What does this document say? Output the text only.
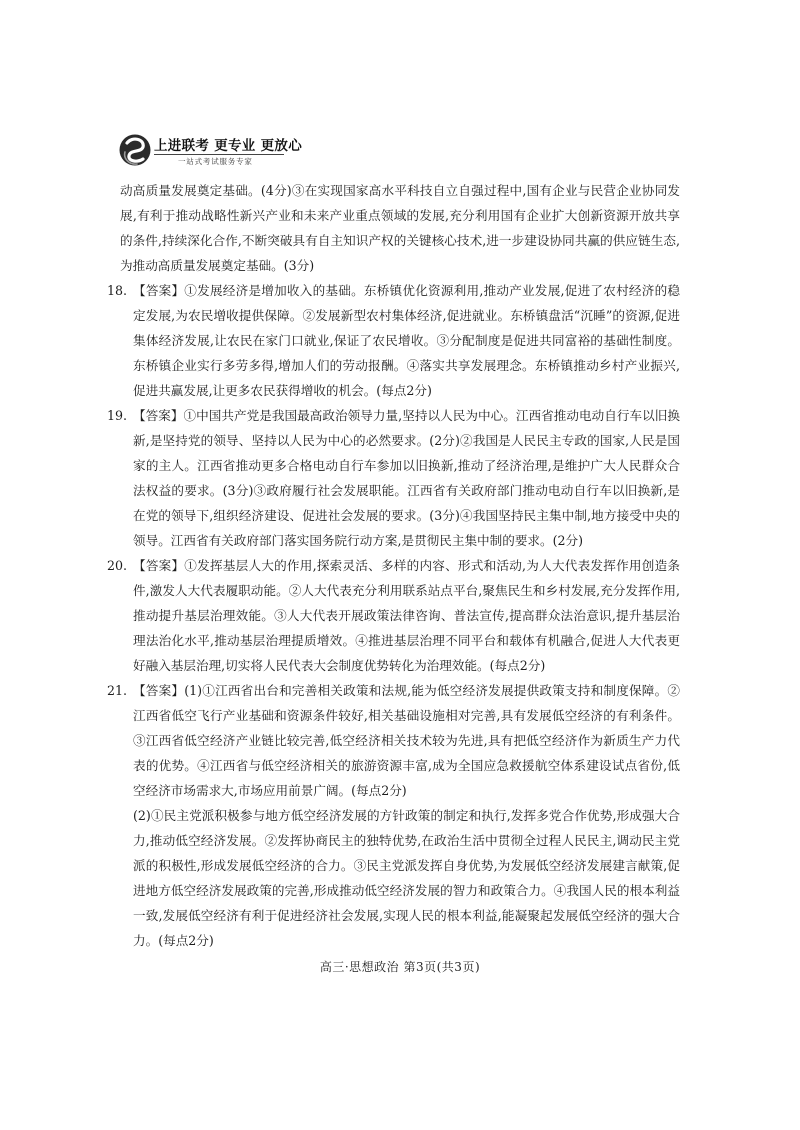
上进联考 更专业 更放心
一站式考试服务专家
动高质量发展奠定基础。(4分)③在实现国家高水平科技自立自强过程中,国有企业与民营企业协同发展,有利于推动战略性新兴产业和未来产业重点领域的发展,充分利用国有企业扩大创新资源开放共享的条件,持续深化合作,不断突破具有自主知识产权的关键核心技术,进一步建设协同共赢的供应链生态,为推动高质量发展奠定基础。(3分)
18. 【答案】①发展经济是增加收入的基础。东桥镇优化资源利用,推动产业发展,促进了农村经济的稳定发展,为农民增收提供保障。②发展新型农村集体经济,促进就业。东桥镇盘活“沉睡”的资源,促进集体经济发展,让农民在家门口就业,保证了农民增收。③分配制度是促进共同富裕的基础性制度。东桥镇企业实行多劳多得,增加人们的劳动报酬。④落实共享发展理念。东桥镇推动乡村产业振兴,促进共赢发展,让更多农民获得增收的机会。(每点2分)
19. 【答案】①中国共产党是我国最高政治领导力量,坚持以人民为中心。江西省推动电动自行车以旧换新,是坚持党的领导、坚持以人民为中心的必然要求。(2分)②我国是人民民主专政的国家,人民是国家的主人。江西省推动更多合格电动自行车参加以旧换新,推动了经济治理,是维护广大人民群众合法权益的要求。(3分)③政府履行社会发展职能。江西省有关政府部门推动电动自行车以旧换新,是在党的领导下,组织经济建设、促进社会发展的要求。(3分)④我国坚持民主集中制,地方接受中央的领导。江西省有关政府部门落实国务院行动方案,是贯彻民主集中制的要求。(2分)
20. 【答案】①发挥基层人大的作用,探索灵活、多样的内容、形式和活动,为人大代表发挥作用创造条件,激发人大代表履职动能。②人大代表充分利用联系站点平台,聚焦民生和乡村发展,充分发挥作用,推动提升基层治理效能。③人大代表开展政策法律咨询、普法宣传,提高群众法治意识,提升基层治理法治化水平,推动基层治理提质增效。④推进基层治理不同平台和载体有机融合,促进人大代表更好融入基层治理,切实将人民代表大会制度优势转化为治理效能。(每点2分)
21. 【答案】(1)①江西省出台和完善相关政策和法规,能为低空经济发展提供政策支持和制度保障。②江西省低空飞行产业基础和资源条件较好,相关基础设施相对完善,具有发展低空经济的有利条件。③江西省低空经济产业链比较完善,低空经济相关技术较为先进,具有把低空经济作为新质生产力代表的优势。④江西省与低空经济相关的旅游资源丰富,成为全国应急救援航空体系建设试点省份,低空经济市场需求大,市场应用前景广阔。(每点2分)
(2)①民主党派积极参与地方低空经济发展的方针政策的制定和执行,发挥多党合作优势,形成强大合力,推动低空经济发展。②发挥协商民主的独特优势,在政治生活中贯彻全过程人民民主,调动民主党派的积极性,形成发展低空经济的合力。③民主党派发挥自身优势,为发展低空经济发展建言献策,促进地方低空经济发展政策的完善,形成推动低空经济发展的智力和政策合力。④我国人民的根本利益一致,发展低空经济有利于促进经济社会发展,实现人民的根本利益,能凝聚起发展低空经济的强大合力。(每点2分)
高三·思想政治 第3页(共3页)
